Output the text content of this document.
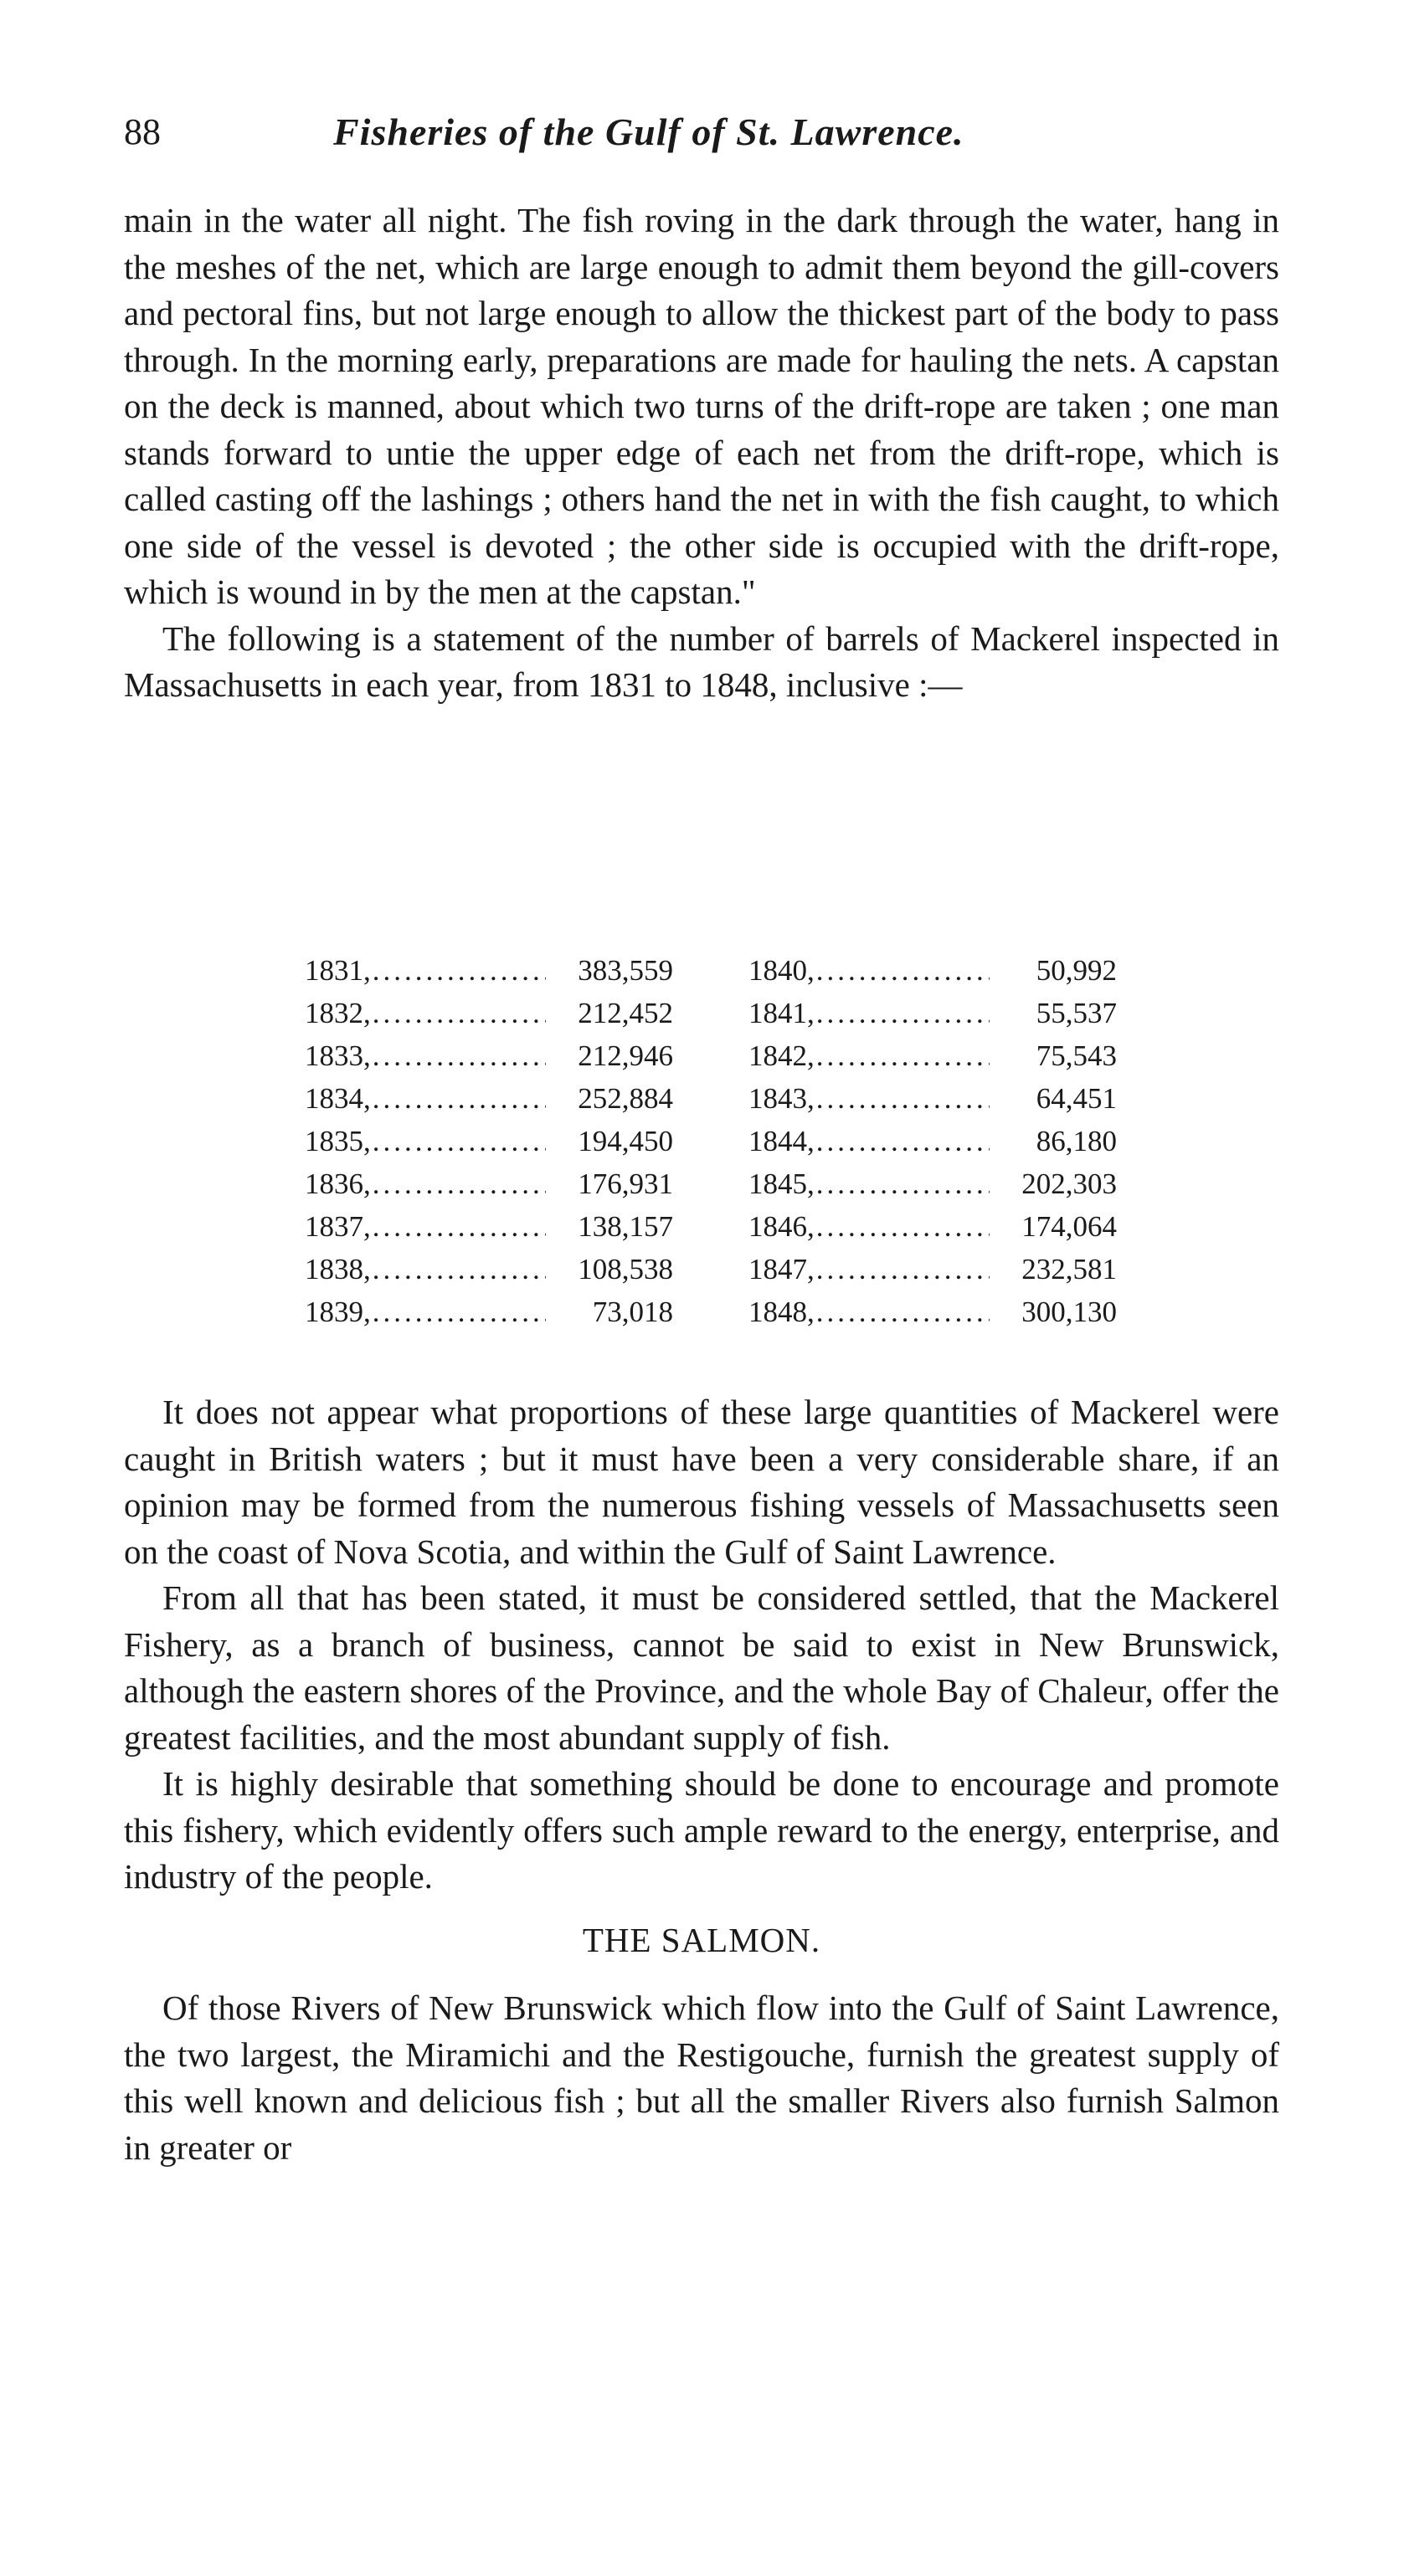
88	Fisheries of the Gulf of St. Lawrence.

main in the water all night. The fish roving in the dark through the water, hang in the meshes of the net, which are large enough to admit them beyond the gill-covers and pectoral fins, but not large enough to allow the thickest part of the body to pass through. In the morning early, preparations are made for hauling the nets. A capstan on the deck is manned, about which two turns of the drift-rope are taken ; one man stands forward to untie the upper edge of each net from the drift-rope, which is called casting off the lashings ; others hand the net in with the fish caught, to which one side of the vessel is devoted ; the other side is occupied with the drift-rope, which is wound in by the men at the capstan."

The following is a statement of the number of barrels of Mackerel inspected in Massachusetts in each year, from 1831 to 1848, inclusive :—

1831, .....	383,559
1832, .....	212,452
1833, .....	212,946
1834, .....	252,884
1835, .....	194,450
1836, .....	176,931
1837, .....	138,157
1838, .....	108,538
1839, .....	73,018
1840, .....	50,992
1841, .....	55,537
1842, .....	75,543
1843, .....	64,451
1844, .....	86,180
1845, .....	202,303
1846, .....	174,064
1847, .....	232,581
1848, .....	300,130

It does not appear what proportions of these large quantities of Mackerel were caught in British waters ; but it must have been a very considerable share, if an opinion may be formed from the numerous fishing vessels of Massachusetts seen on the coast of Nova Scotia, and within the Gulf of Saint Lawrence.

From all that has been stated, it must be considered settled, that the Mackerel Fishery, as a branch of business, cannot be said to exist in New Brunswick, although the eastern shores of the Province, and the whole Bay of Chaleur, offer the greatest facilities, and the most abundant supply of fish.

It is highly desirable that something should be done to encourage and promote this fishery, which evidently offers such ample reward to the energy, enterprise, and industry of the people.

THE SALMON.

Of those Rivers of New Brunswick which flow into the Gulf of Saint Lawrence, the two largest, the Miramichi and the Restigouche, furnish the greatest supply of this well known and delicious fish ; but all the smaller Rivers also furnish Salmon in greater or
